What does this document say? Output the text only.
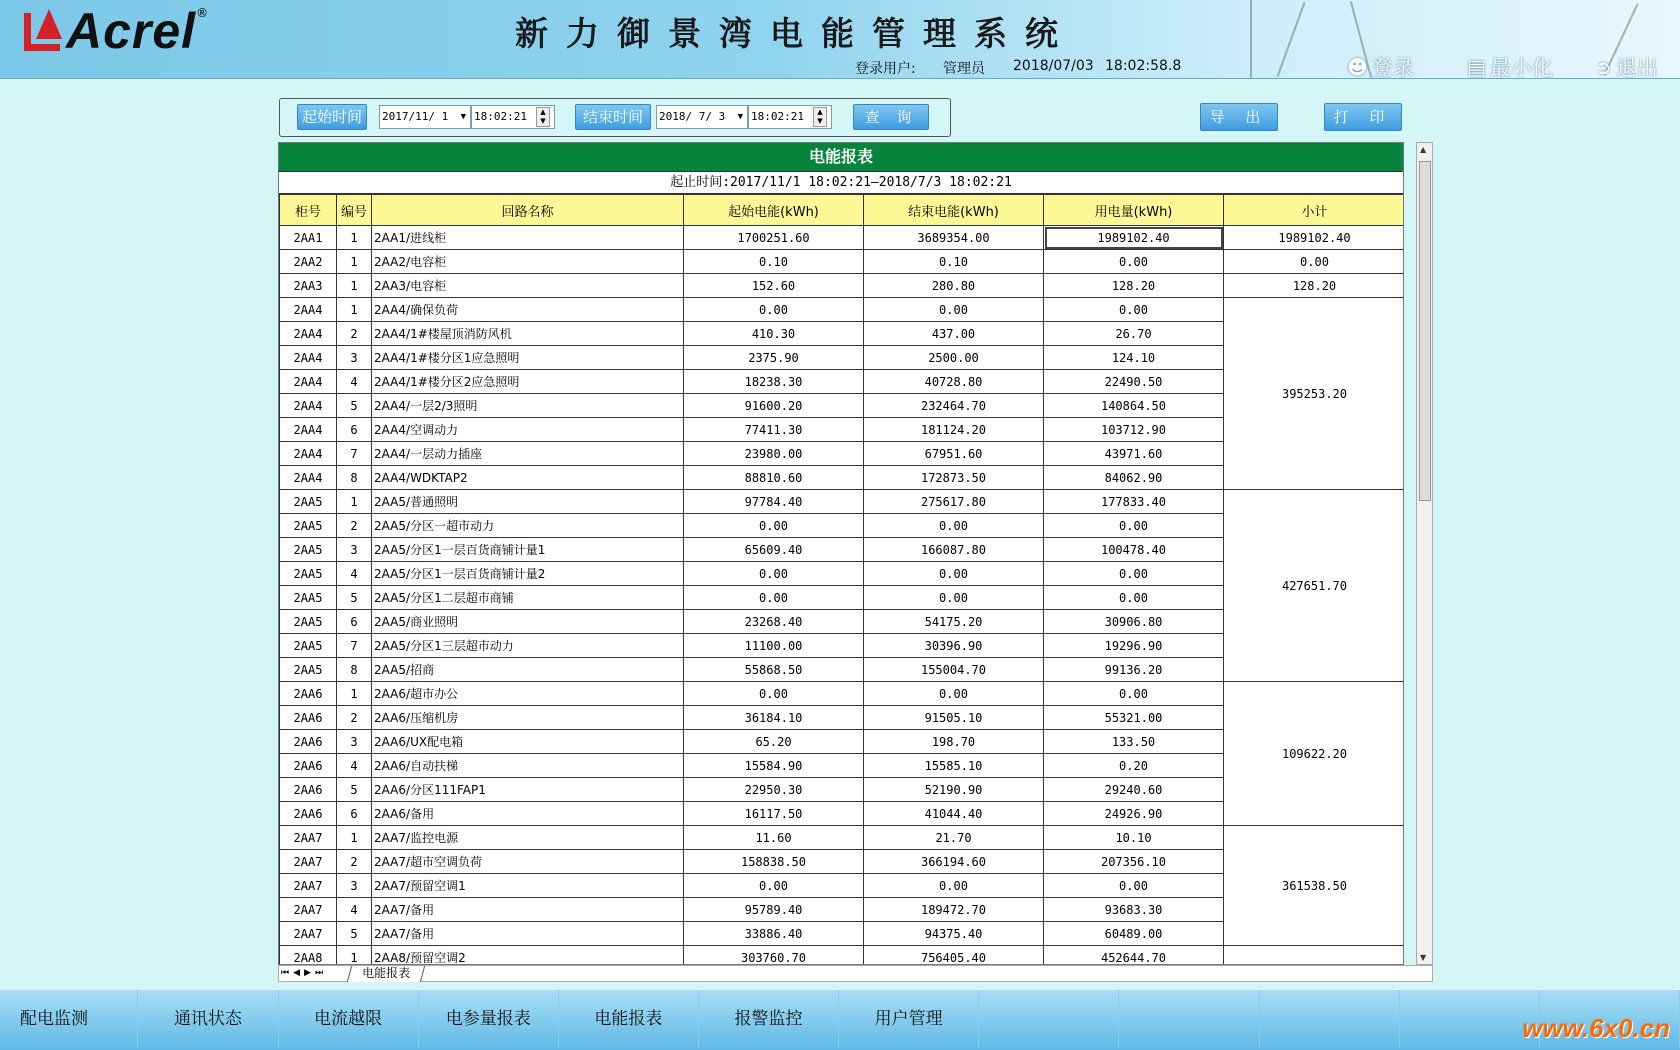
Acrel ®
新力御景湾电能管理系统
登录用户:	管理员	2018/07/03 18:02:58.8	☻ 登录	▤ 最小化 ➲ 退出
起始时间	2017/11/ 1 ▼ 18:02:21	▲
▼	结束时间	2018/ 7/ 3 ▼ 18:02:21	▲
▼	查 询	导 出	打 印
电能报表
起止时间:2017/11/1 18:02:21—2018/7/3 18:02:21
柜号	编号	回路名称	起始电能(kWh)	结束电能(kWh)	用电量(kWh)	小计
2AA1	1	2AA1/进线柜	1700251.60	3689354.00	1989102.40	1989102.40
2AA2	1	2AA2/电容柜	0.10	0.10	0.00	0.00
2AA3	1	2AA3/电容柜	152.60	280.80	128.20	128.20
2AA4	1	2AA4/确保负荷	0.00	0.00	0.00	395253.20
2AA4	2	2AA4/1#楼屋顶消防风机	410.30	437.00	26.70	
2AA4	3	2AA4/1#楼分区1应急照明	2375.90	2500.00	124.10	
2AA4	4	2AA4/1#楼分区2应急照明	18238.30	40728.80	22490.50	
2AA4	5	2AA4/一层2/3照明	91600.20	232464.70	140864.50	
2AA4	6	2AA4/空调动力	77411.30	181124.20	103712.90	
2AA4	7	2AA4/一层动力插座	23980.00	67951.60	43971.60	
2AA4	8	2AA4/WDKTAP2	88810.60	172873.50	84062.90	
2AA5	1	2AA5/普通照明	97784.40	275617.80	177833.40	427651.70
2AA5	2	2AA5/分区一超市动力	0.00	0.00	0.00	
2AA5	3	2AA5/分区1一层百货商铺计量1	65609.40	166087.80	100478.40	
2AA5	4	2AA5/分区1一层百货商铺计量2	0.00	0.00	0.00	
2AA5	5	2AA5/分区1二层超市商铺	0.00	0.00	0.00	
2AA5	6	2AA5/商业照明	23268.40	54175.20	30906.80	
2AA5	7	2AA5/分区1三层超市动力	11100.00	30396.90	19296.90	
2AA5	8	2AA5/招商	55868.50	155004.70	99136.20	
2AA6	1	2AA6/超市办公	0.00	0.00	0.00	109622.20
2AA6	2	2AA6/压缩机房	36184.10	91505.10	55321.00	
2AA6	3	2AA6/UX配电箱	65.20	198.70	133.50	
2AA6	4	2AA6/自动扶梯	15584.90	15585.10	0.20	
2AA6	5	2AA6/分区111FAP1	22950.30	52190.90	29240.60	
2AA6	6	2AA6/备用	16117.50	41044.40	24926.90	
2AA7	1	2AA7/监控电源	11.60	21.70	10.10	361538.50
2AA7	2	2AA7/超市空调负荷	158838.50	366194.60	207356.10	
2AA7	3	2AA7/预留空调1	0.00	0.00	0.00	
2AA7	4	2AA7/备用	95789.40	189472.70	93683.30	
2AA7	5	2AA7/备用	33886.40	94375.40	60489.00	
2AA8	1	2AA8/预留空调2	303760.70	756405.40	452644.70	
▲
▼
⏮◀▶⏭	电能报表
配电监测	通讯状态	电流越限	电参量报表	电能报表	报警监控	用户管理	www.6x0.cn
